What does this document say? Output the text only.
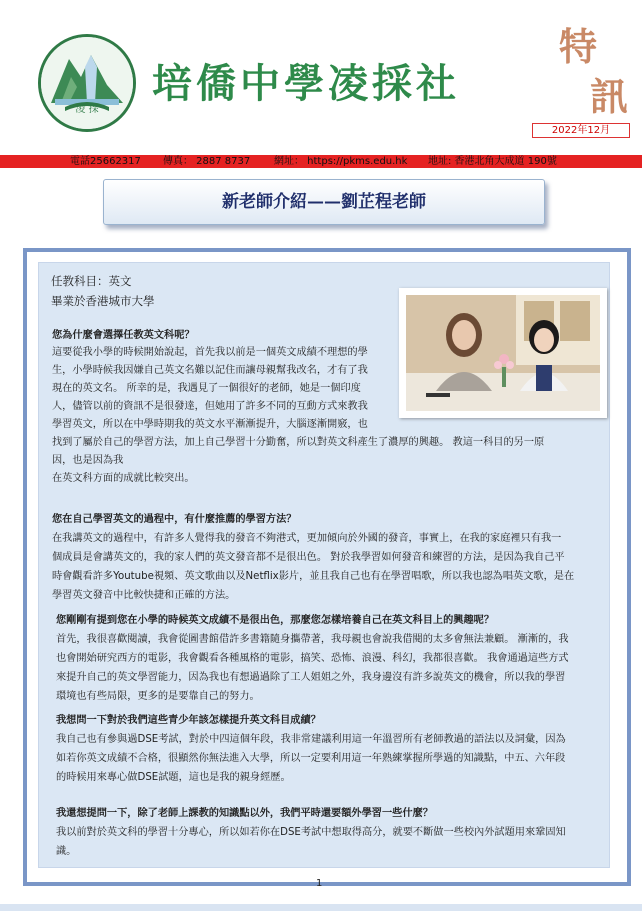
凌 採
培僑中學凌採社
特
訊
2022年12月
電話25662317 傳真： 2887 8737 網址： https://pkms.edu.hk 地址: 香港北角大成道 190號
新老師介紹——劉芷程老師
任教科目：英文
畢業於香港城市大學
您為什麼會選擇任教英文科呢？
這要從我小學的時候開始說起，首先我以前是一個英文成績不理想的學
生，小學時候我因嫌自己英文名難以記住而讓母親幫我改名，才有了我
現在的英文名。 所幸的是，我遇見了一個很好的老師，她是一個印度
人，儘管以前的資訊不是很發達，但她用了許多不同的互動方式來教我
學習英文，所以在中學時期我的英文水平漸漸提升，大腦逐漸開竅，也
找到了屬於自己的學習方法，加上自己學習十分勤奮，所以對英文科產生了濃厚的興趣。 教這一科目的另一原
因，也是因為我
在英文科方面的成就比較突出。
您在自己學習英文的過程中，有什麼推薦的學習方法？
在我講英文的過程中，有許多人覺得我的發音不夠港式，更加傾向於外國的發音，事實上，在我的家庭裡只有我一
個成員是會講英文的，我的家人們的英文發音都不是很出色。 對於我學習如何發音和練習的方法，是因為我自己平
時會觀看許多Youtube視頻、英文歌曲以及Netflix影片，並且我自己也有在學習唱歌，所以我也認為唱英文歌，是在
學習英文發音中比較快捷和正確的方法。
您剛剛有提到您在小學的時候英文成績不是很出色，那麼您怎樣培養自己在英文科目上的興趣呢？
首先，我很喜歡閱讀，我會從圖書館借許多書籍隨身攜帶著，我母親也會說我借閱的太多會無法兼顧。 漸漸的，我
也會開始研究西方的電影，我會觀看各種風格的電影，搞笑、恐怖、浪漫、科幻，我都很喜歡。 我會通過這些方式
來提升自己的英文學習能力，因為我也有想過過除了工人姐姐之外，我身邊沒有許多說英文的機會，所以我的學習
環境也有些局限，更多的是要靠自己的努力。
我想問一下對於我們這些青少年該怎樣提升英文科目成績？
我自己也有參與過DSE考試，對於中四這個年段，我非常建議利用這一年溫習所有老師教過的語法以及詞彙，因為
如若你英文成績不合格，很顯然你無法進入大學，所以一定要利用這一年熟練掌握所學過的知識點，中五、六年段
的時候用來專心做DSE試題，這也是我的親身經歷。
我還想提問一下，除了老師上課教的知識點以外，我們平時還要額外學習一些什麼？
我以前對於英文科的學習十分專心，所以如若你在DSE考試中想取得高分，就要不斷做一些校內外試題用來鞏固知
識。
1
